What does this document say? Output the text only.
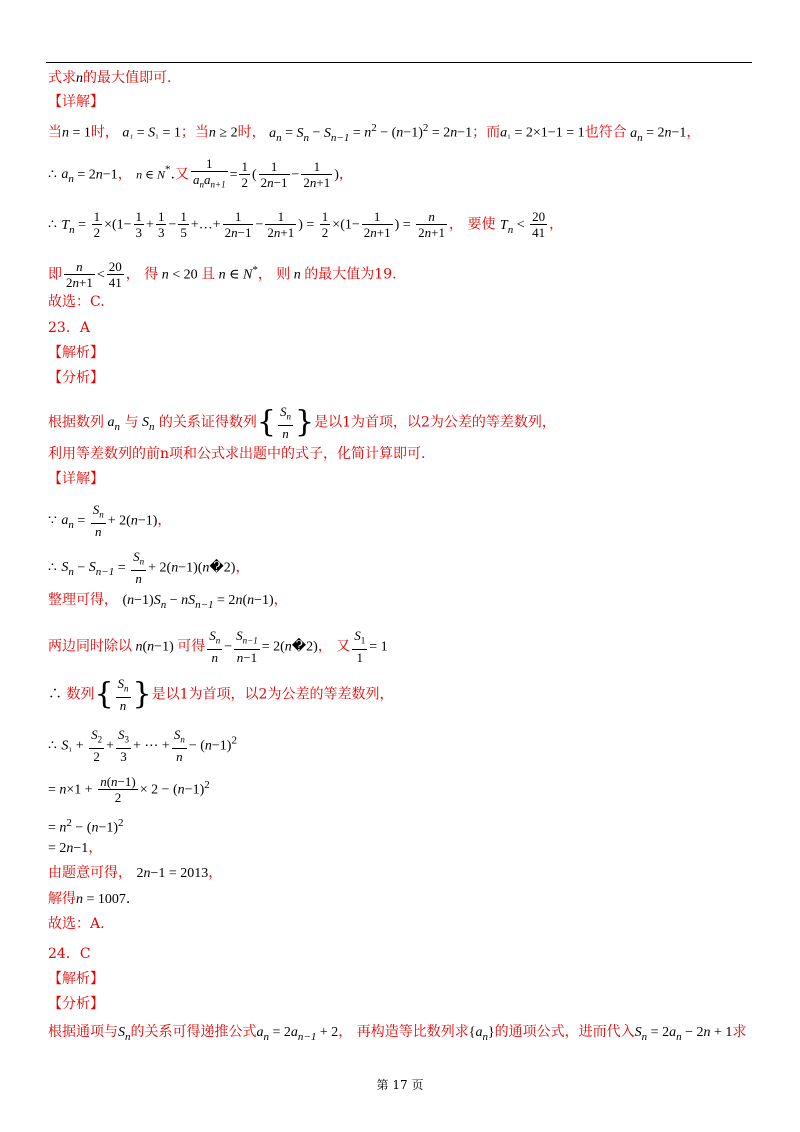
式求n的最大值即可.
【详解】
当n = 1时， a₁ = S₁ = 1；当n ≥ 2时， $a_n = S_n - S_{n-1} = n^2 - (n-1)^2 = 2n-1$；而a₁ = 2×1−1 = 1也符合 $a_n = 2n-1$，
∴ $a_n = 2n-1$， n ∈ N*.又 $\frac{1}{a_na_{n+1}} = \frac{1}{2}$ ( $\frac{1}{2n-1} - \frac{1}{2n+1}$ )，
∴ $T_n = \frac{1}{2} \times(1- \frac{1}{3} + \frac{1}{3} - \frac{1}{5}$ +…+ $\frac{1}{2n-1} - \frac{1}{2n+1}$ ) = $\frac{1}{2} \times(1- \frac{1}{2n+1}$ ) = $\frac{n}{2n+1}$ ， 要使 $T_n < \frac{20}{41}$ ，
即 $\frac{n}{2n+1} < \frac{20}{41}$ ， 得 n < 20 且 n ∈ N*， 则 n 的最大值为19.
故选：C.
23．A
【解析】
【分析】
根据数列 $a_n$ 与 $S_n$ 的关系证得数列{ $\frac{S_n}{n}$ }是以1为首项，以2为公差的等差数列，
利用等差数列的前n项和公式求出题中的式子，化简计算即可.
【详解】
∵ $a_n = \frac{S_n}{n} + 2(n-1)$，
∴ $S_n - S_{n-1} = \frac{S_n}{n}$ + 2(n−1)(n�2)，
整理可得， $(n-1)S_n - nS_{n-1} = 2n(n-1)$，
两边同时除以 n(n−1) 可得 $\frac{S_n}{n} - \frac{S_{n-1}}{n-1}$ = 2(n�2)， 又 $\frac{S_1}{1} = 1$
∴ 数列{ $\frac{S_n}{n}$ }是以1为首项，以2为公差的等差数列，
∴ $S_1 + \frac{S_2}{2} + \frac{S_3}{3}$ + ⋯ + $\frac{S_n}{n} - (n-1)^2$
= $n\times 1 + \frac{n(n-1)}{2} \times 2 - (n-1)^2$
= $n^2 - (n-1)^2$
= 2n−1，
由题意可得， 2n−1 = 2013，
解得n = 1007.
故选：A.
24．C
【解析】
【分析】
根据通项与$S_n$的关系可得递推公式$a_n = 2a_{n-1} + 2$， 再构造等比数列求$\{a_n\}$的通项公式，进而代入$S_n = 2a_n - 2n + 1$求
第 17 页
